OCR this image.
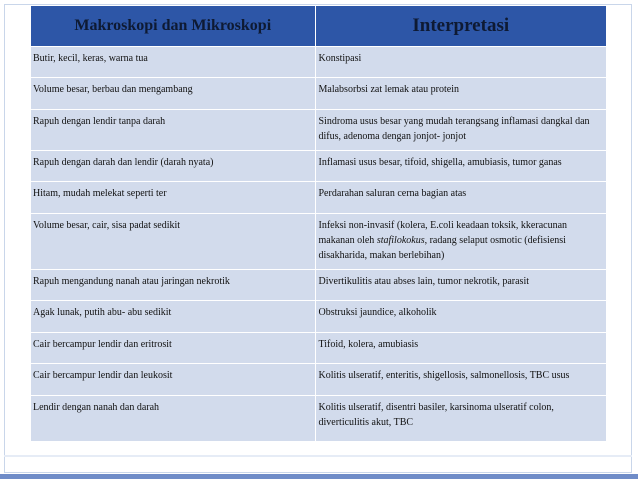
Makroskopi dan Mikroskopi	Interpretasi
Butir, kecil, keras, warna tua	Konstipasi
Volume besar, berbau dan mengambang	Malabsorbsi zat lemak atau protein
Rapuh dengan lendir tanpa darah	Sindroma usus besar yang mudah terangsang inflamasi dangkal dan difus, adenoma dengan jonjot- jonjot
Rapuh dengan darah dan lendir (darah nyata)	Inflamasi usus besar, tifoid, shigella, amubiasis, tumor ganas
Hitam, mudah melekat seperti ter	Perdarahan saluran cerna bagian atas
Volume besar, cair, sisa padat sedikit	Infeksi non-invasif (kolera, E.coli keadaan toksik, kkeracunan makanan oleh stafilokokus, radang selaput osmotic (defisiensi disakharida, makan berlebihan)
Rapuh mengandung nanah atau jaringan nekrotik	Divertikulitis atau abses lain, tumor nekrotik, parasit
Agak lunak, putih abu- abu sedikit	Obstruksi jaundice, alkoholik
Cair bercampur lendir dan eritrosit	Tifoid, kolera, amubiasis
Cair bercampur lendir dan leukosit	Kolitis ulseratif, enteritis, shigellosis, salmonellosis, TBC usus
Lendir dengan nanah dan darah	Kolitis ulseratif, disentri basiler, karsinoma ulseratif colon, diverticulitis akut, TBC
